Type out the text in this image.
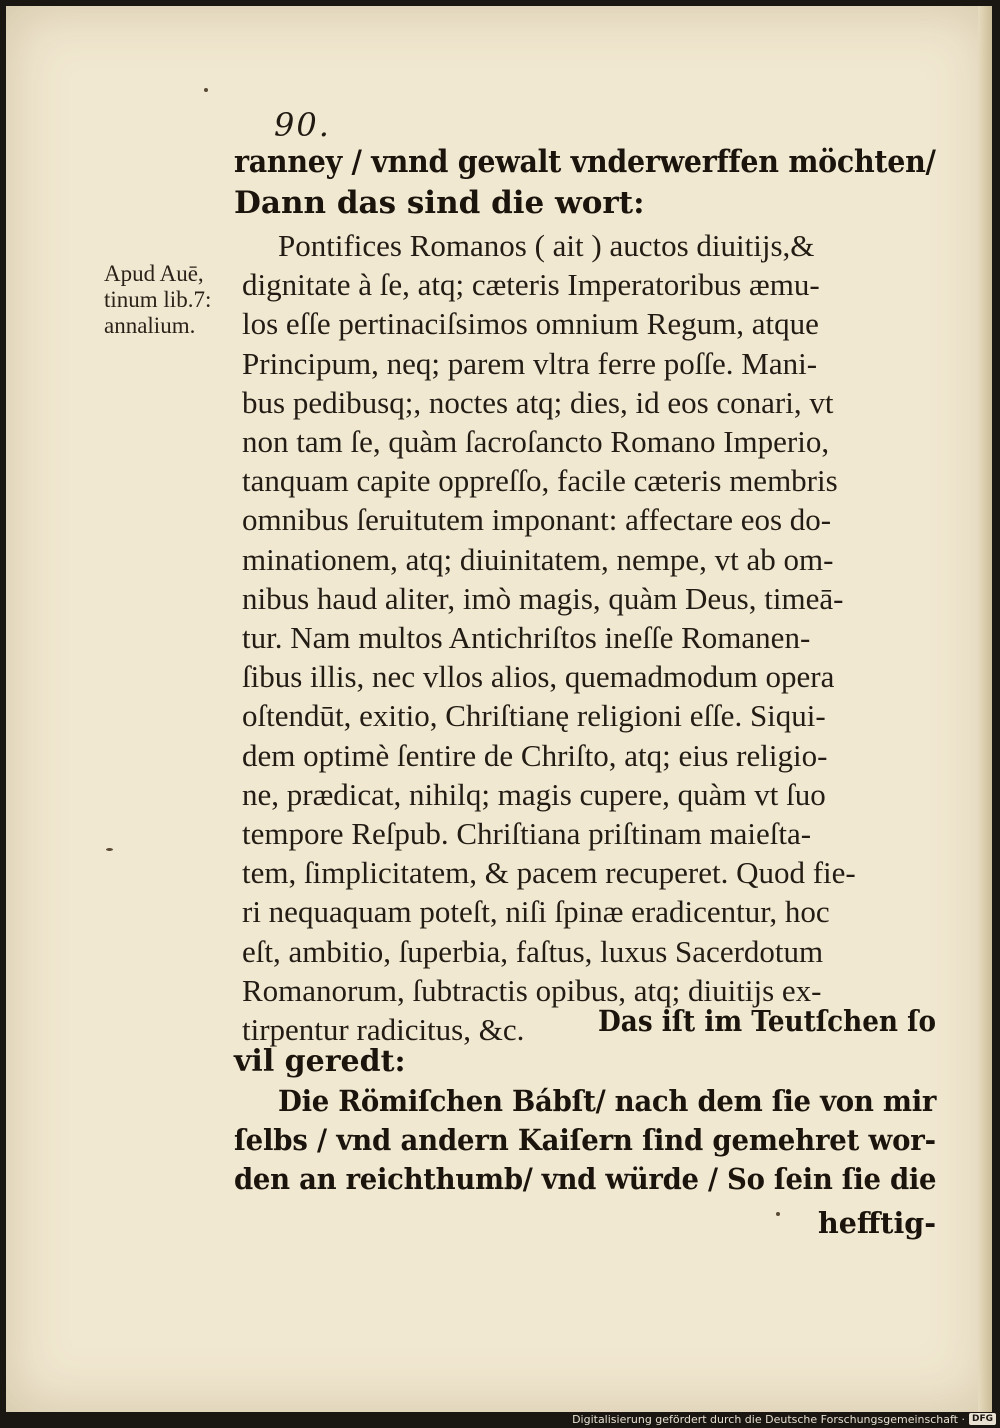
90.
ranney / vnnd gewalt vnderwerffen möchten/
Dann das sind die wort:
Apud Auē,
tinum lib.7:
annalium.
Pontifices Romanos ( ait ) auctos diuitijs,&
dignitate à ſe, atq; cæteris Imperatoribus æmu-
los eſſe pertinaciſsimos omnium Regum, atque
Principum, neq; parem vltra ferre poſſe. Mani-
bus pedibusq;, noctes atq; dies, id eos conari, vt
non tam ſe, quàm ſacroſancto Romano Imperio,
tanquam capite oppreſſo, facile cæteris membris
omnibus ſeruitutem imponant: affectare eos do-
minationem, atq; diuinitatem, nempe, vt ab om-
nibus haud aliter, imò magis, quàm Deus, timeā-
tur. Nam multos Antichriſtos ineſſe Romanen-
ſibus illis, nec vllos alios, quemadmodum opera
oſtendūt, exitio, Chriſtianę religioni eſſe. Siqui-
dem optimè ſentire de Chriſto, atq; eius religio-
ne, prædicat, nihilq; magis cupere, quàm vt ſuo
tempore Reſpub. Chriſtiana priſtinam maieſta-
tem, ſimplicitatem, & pacem recuperet. Quod fie-
ri nequaquam poteſt, niſi ſpinæ eradicentur, hoc
eſt, ambitio, ſuperbia, faſtus, luxus Sacerdotum
Romanorum, ſubtractis opibus, atq; diuitijs ex-
tirpentur radicitus, &c.	Das iſt im Teutſchen ſo
vil geredt:
Die Römiſchen Bábſt/ nach dem ſie von mir
ſelbs / vnd andern Kaiſern ſind gemehret wor-
den an reichthumb/ vnd würde / So ſein ſie die
hefftig-
Digitalisierung gefördert durch die Deutsche Forschungsgemeinschaft · DFG
